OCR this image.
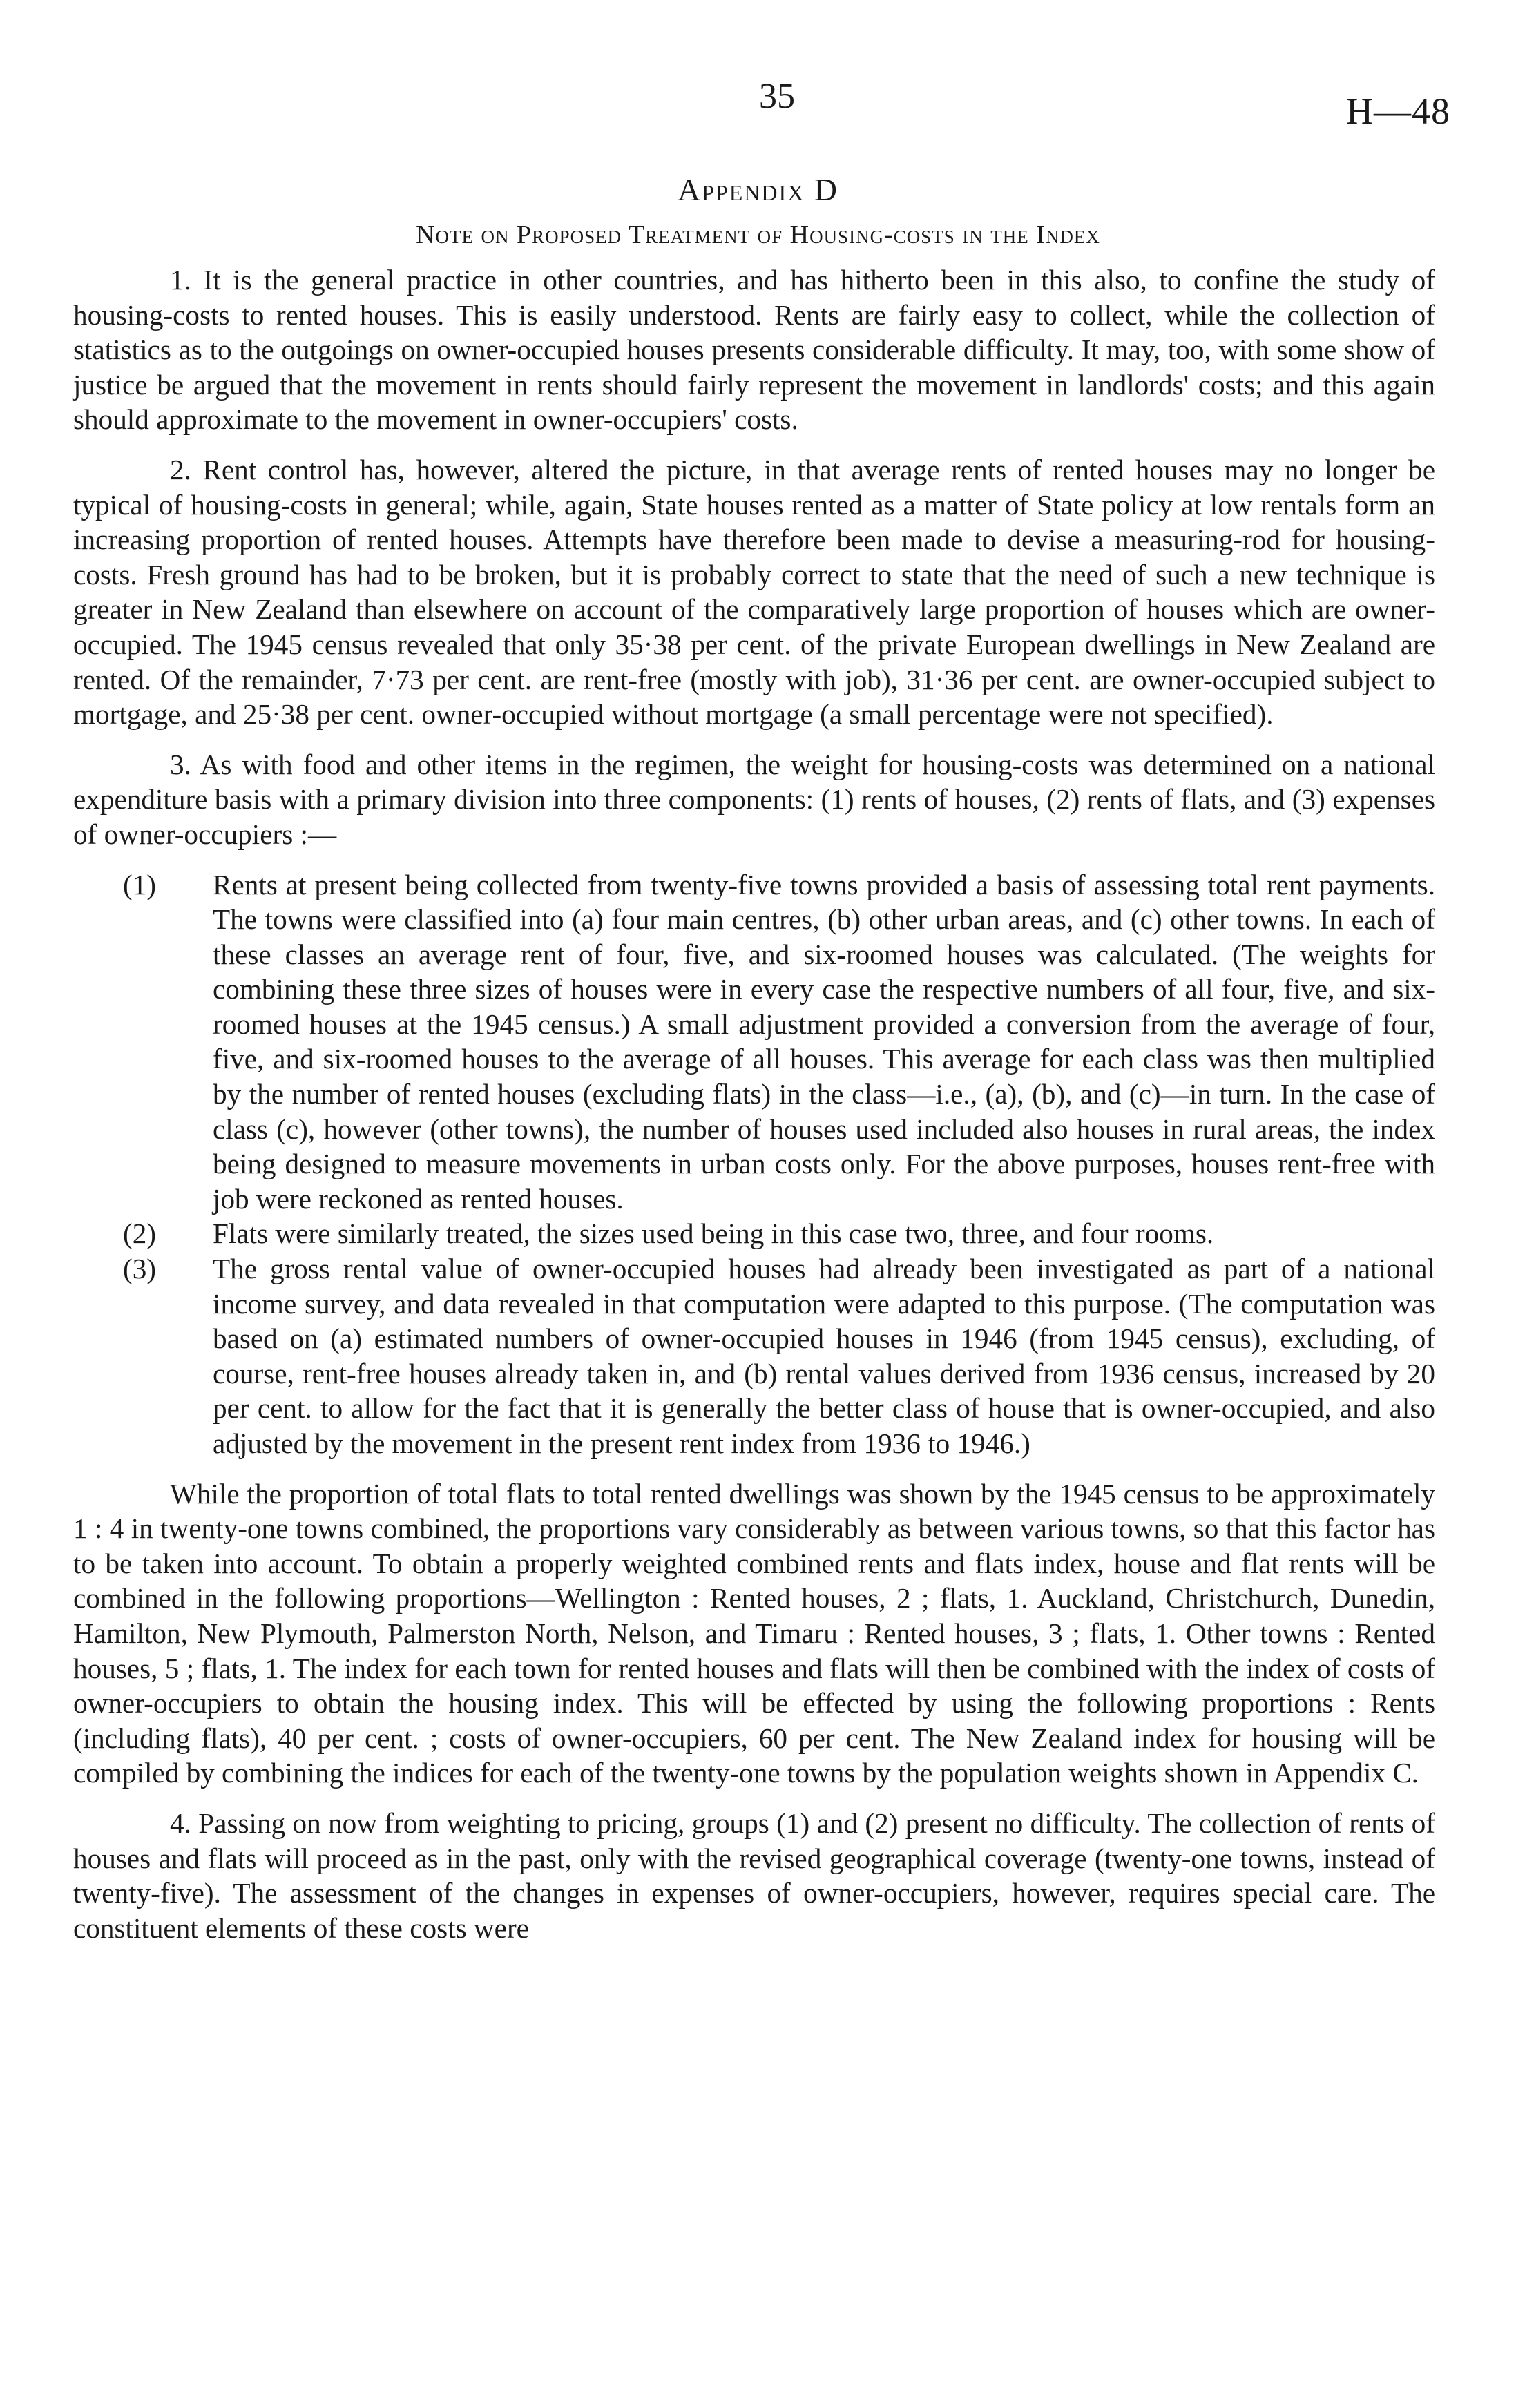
35	H—48
Appendix D
Note on Proposed Treatment of Housing-costs in the Index

1. It is the general practice in other countries, and has hitherto been in this also, to confine the study of housing-costs to rented houses. This is easily understood. Rents are fairly easy to collect, while the collection of statistics as to the outgoings on owner-occupied houses presents considerable difficulty. It may, too, with some show of justice be argued that the movement in rents should fairly represent the movement in landlords' costs; and this again should approximate to the movement in owner-occupiers' costs.

2. Rent control has, however, altered the picture, in that average rents of rented houses may no longer be typical of housing-costs in general; while, again, State houses rented as a matter of State policy at low rentals form an increasing proportion of rented houses. Attempts have therefore been made to devise a measuring-rod for housing-costs. Fresh ground has had to be broken, but it is probably correct to state that the need of such a new technique is greater in New Zealand than elsewhere on account of the comparatively large proportion of houses which are owner-occupied. The 1945 census revealed that only 35·38 per cent. of the private European dwellings in New Zealand are rented. Of the remainder, 7·73 per cent. are rent-free (mostly with job), 31·36 per cent. are owner-occupied subject to mortgage, and 25·38 per cent. owner-occupied without mortgage (a small percentage were not specified).

3. As with food and other items in the regimen, the weight for housing-costs was determined on a national expenditure basis with a primary division into three components: (1) rents of houses, (2) rents of flats, and (3) expenses of owner-occupiers :—

(1) Rents at present being collected from twenty-five towns provided a basis of assessing total rent payments. The towns were classified into (a) four main centres, (b) other urban areas, and (c) other towns. In each of these classes an average rent of four, five, and six-roomed houses was calculated. (The weights for combining these three sizes of houses were in every case the respective numbers of all four, five, and six-roomed houses at the 1945 census.) A small adjustment provided a conversion from the average of four, five, and six-roomed houses to the average of all houses. This average for each class was then multiplied by the number of rented houses (excluding flats) in the class—i.e., (a), (b), and (c)—in turn. In the case of class (c), however (other towns), the number of houses used included also houses in rural areas, the index being designed to measure movements in urban costs only. For the above purposes, houses rent-free with job were reckoned as rented houses.
(2) Flats were similarly treated, the sizes used being in this case two, three, and four rooms.
(3) The gross rental value of owner-occupied houses had already been investigated as part of a national income survey, and data revealed in that computation were adapted to this purpose. (The computation was based on (a) estimated numbers of owner-occupied houses in 1946 (from 1945 census), excluding, of course, rent-free houses already taken in, and (b) rental values derived from 1936 census, increased by 20 per cent. to allow for the fact that it is generally the better class of house that is owner-occupied, and also adjusted by the movement in the present rent index from 1936 to 1946.)

While the proportion of total flats to total rented dwellings was shown by the 1945 census to be approximately 1 : 4 in twenty-one towns combined, the proportions vary considerably as between various towns, so that this factor has to be taken into account. To obtain a properly weighted combined rents and flats index, house and flat rents will be combined in the following proportions—Wellington : Rented houses, 2 ; flats, 1. Auckland, Christchurch, Dunedin, Hamilton, New Plymouth, Palmerston North, Nelson, and Timaru : Rented houses, 3 ; flats, 1. Other towns : Rented houses, 5 ; flats, 1. The index for each town for rented houses and flats will then be combined with the index of costs of owner-occupiers to obtain the housing index. This will be effected by using the following proportions : Rents (including flats), 40 per cent. ; costs of owner-occupiers, 60 per cent. The New Zealand index for housing will be compiled by combining the indices for each of the twenty-one towns by the population weights shown in Appendix C.

4. Passing on now from weighting to pricing, groups (1) and (2) present no difficulty. The collection of rents of houses and flats will proceed as in the past, only with the revised geographical coverage (twenty-one towns, instead of twenty-five). The assessment of the changes in expenses of owner-occupiers, however, requires special care. The constituent elements of these costs were
